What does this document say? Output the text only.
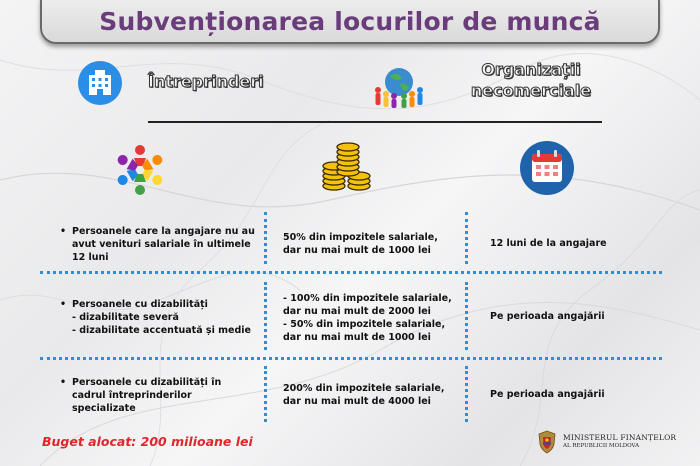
Subvenționarea locurilor de muncă
Întreprinderi
Organizații
necomerciale
• Persoanele care la angajare nu au
avut venituri salariale în ultimele
12 luni
50% din impozitele salariale,
dar nu mai mult de 1000 lei
12 luni de la angajare
• Persoanele cu dizabilități
- dizabilitate severă
- dizabilitate accentuată și medie
- 100% din impozitele salariale,
dar nu mai mult de 2000 lei
- 50% din impozitele salariale,
dar nu mai mult de 1000 lei
Pe perioada angajării
• Persoanele cu dizabilități în
cadrul întreprinderilor
specializate
200% din impozitele salariale,
dar nu mai mult de 4000 lei
Pe perioada angajării
Buget alocat: 200 milioane lei	MINISTERUL FINANȚELOR
AL REPUBLICII MOLDOVA
